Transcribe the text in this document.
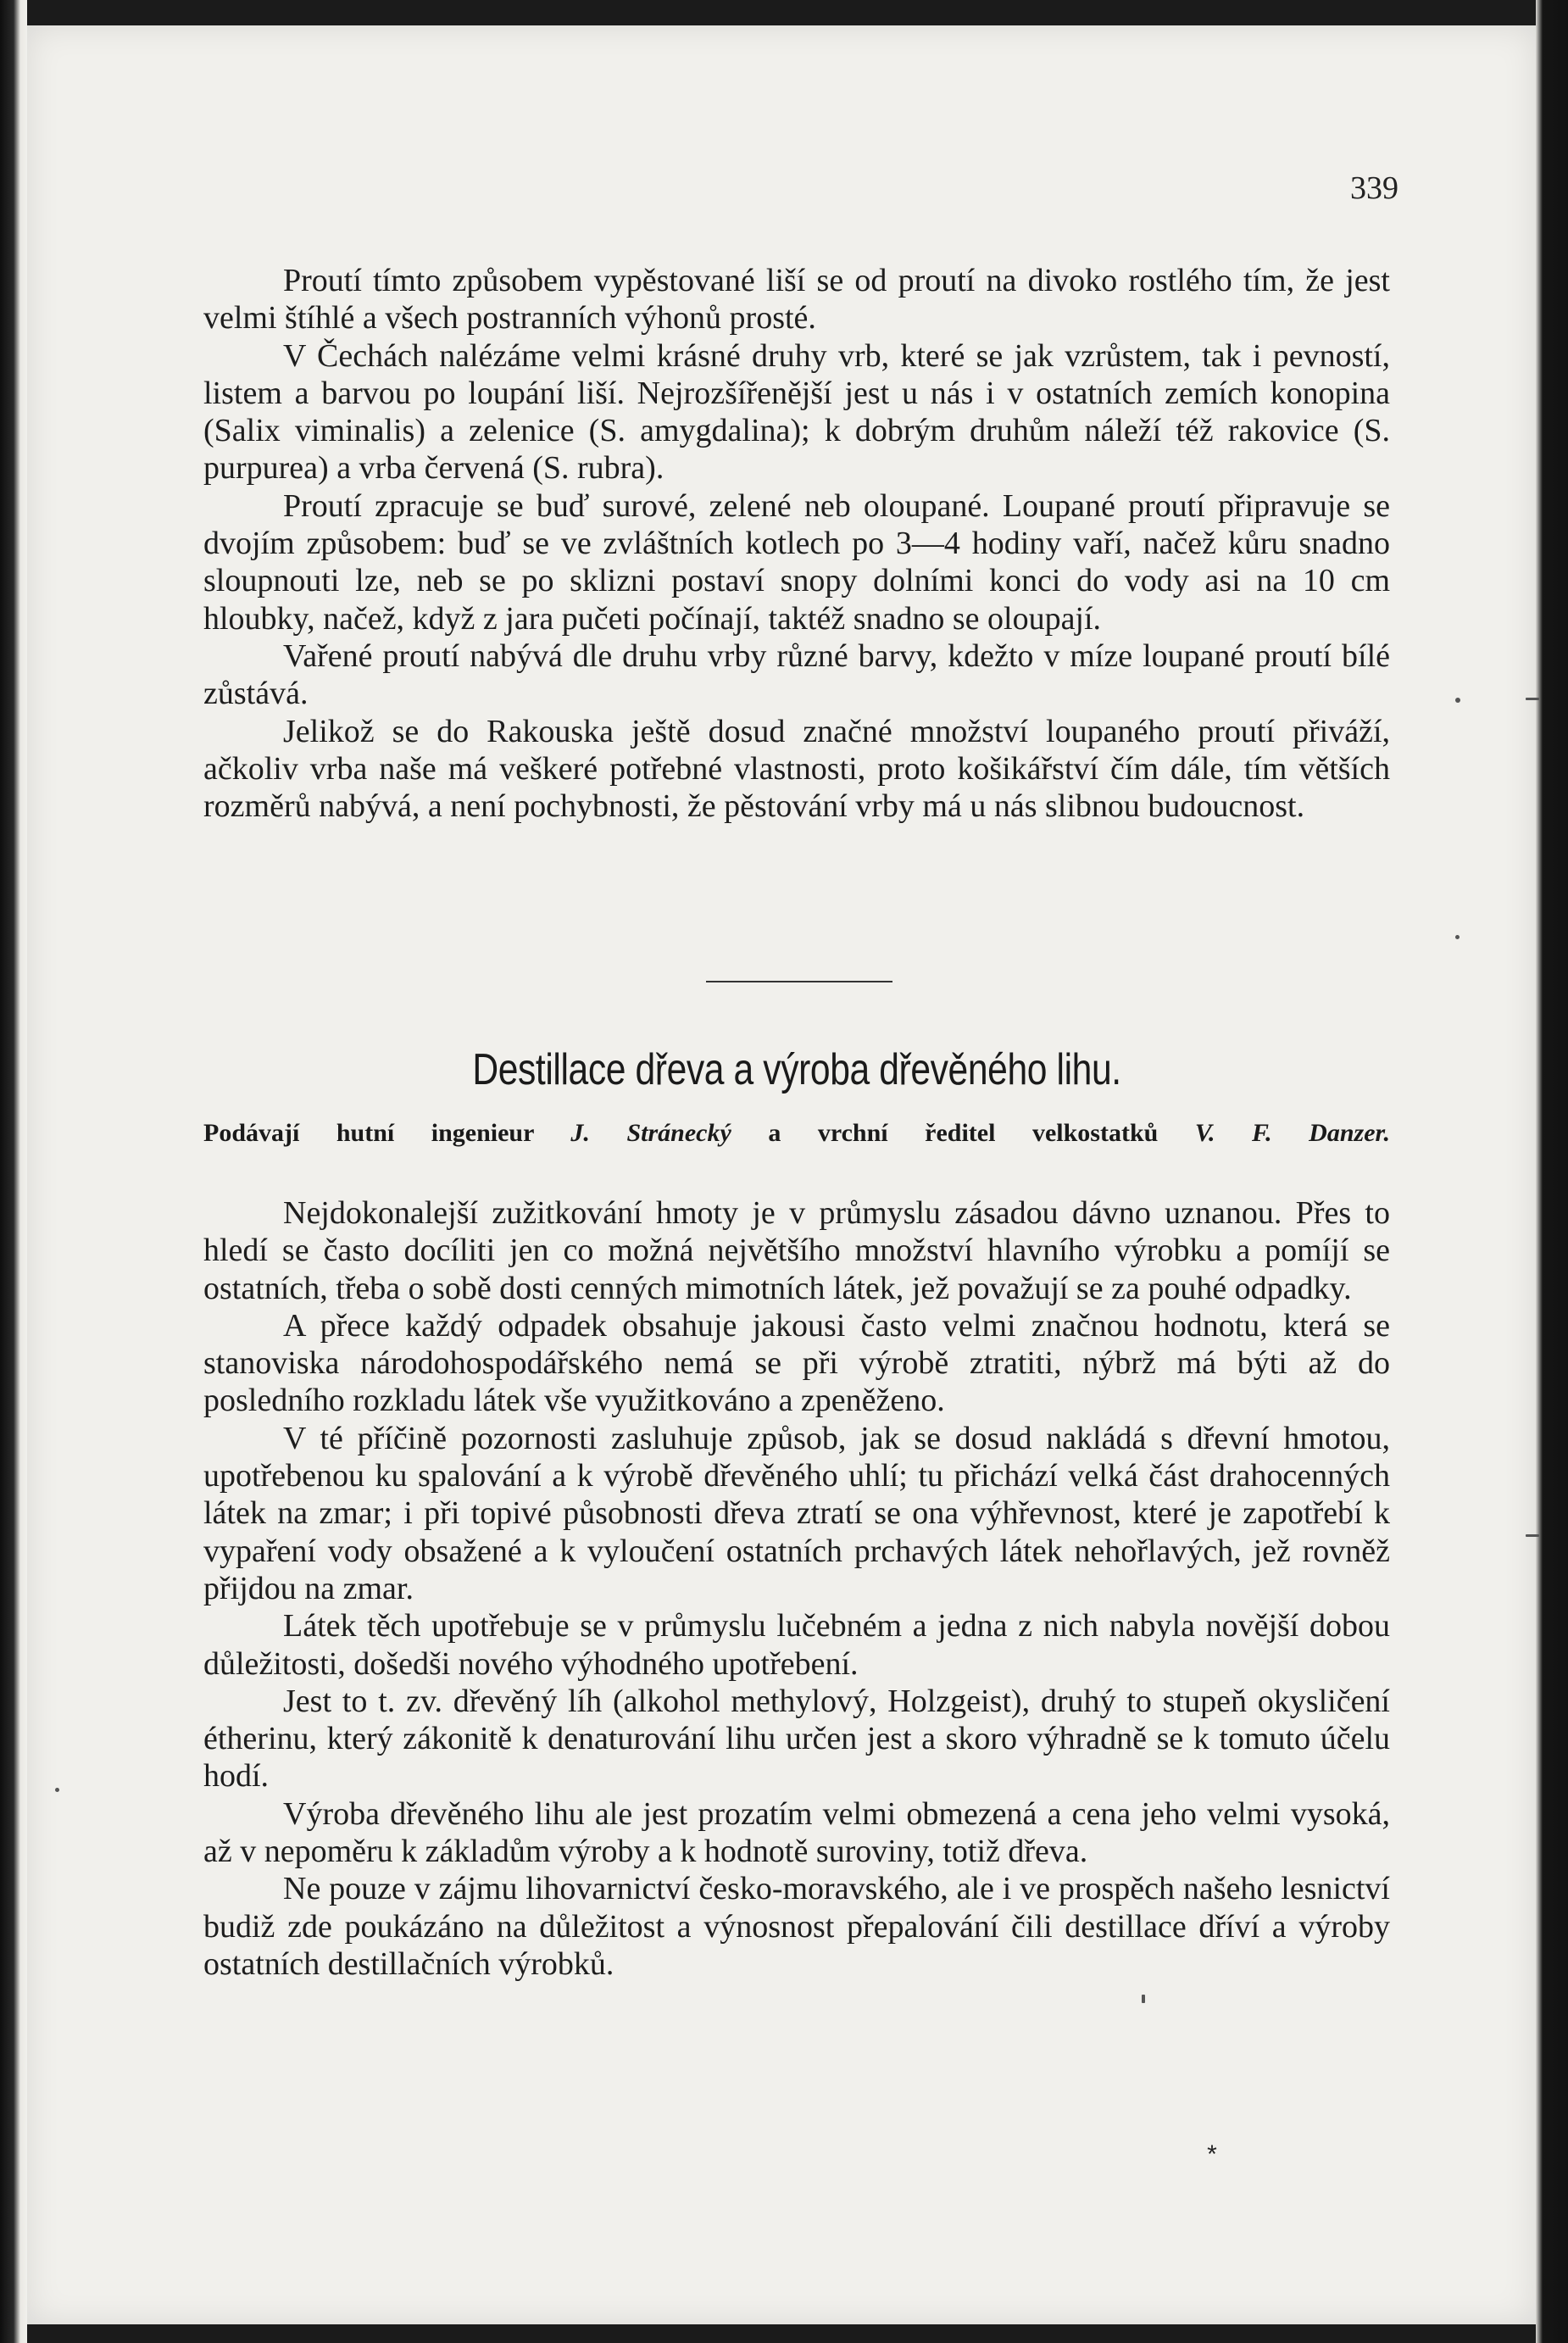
339

Proutí tímto způsobem vypěstované liší se od proutí na divoko rostlého tím, že jest velmi štíhlé a všech postranních výhonů prosté.

V Čechách nalézáme velmi krásné druhy vrb, které se jak vzrůstem, tak i pevností, listem a barvou po loupání liší. Nejrozšířenější jest u nás i v ostatních zemích konopina (Salix viminalis) a zelenice (S. amygdalina); k dobrým druhům náleží též rakovice (S. purpurea) a vrba červená (S. rubra).

Proutí zpracuje se buď surové, zelené neb oloupané. Loupané proutí připravuje se dvojím způsobem: buď se ve zvláštních kotlech po 3—4 hodiny vaří, načež kůru snadno sloupnouti lze, neb se po sklizni postaví snopy dolními konci do vody asi na 10 cm hloubky, načež, když z jara pučeti počínají, taktéž snadno se oloupají.

Vařené proutí nabývá dle druhu vrby různé barvy, kdežto v míze loupané proutí bílé zůstává.

Jelikož se do Rakouska ještě dosud značné množství loupaného proutí přiváží, ačkoliv vrba naše má veškeré potřebné vlastnosti, proto košikářství čím dále, tím větších rozměrů nabývá, a není pochybnosti, že pěstování vrby má u nás slibnou budoucnost.

Destillace dřeva a výroba dřevěného lihu.
Podávají hutní ingenieur J. Stránecký a vrchní ředitel velkostatků V. F. Danzer.

Nejdokonalejší zužitkování hmoty je v průmyslu zásadou dávno uznanou. Přes to hledí se často docíliti jen co možná největšího množství hlavního výrobku a pomíjí se ostatních, třeba o sobě dosti cenných mimotních látek, jež považují se za pouhé odpadky.

A přece každý odpadek obsahuje jakousi často velmi značnou hodnotu, která se stanoviska národohospodářského nemá se při výrobě ztratiti, nýbrž má býti až do posledního rozkladu látek vše využitkováno a zpeněženo.

V té příčině pozornosti zasluhuje způsob, jak se dosud nakládá s dřevní hmotou, upotřebenou ku spalování a k výrobě dřevěného uhlí; tu přichází velká část drahocenných látek na zmar; i při topivé působnosti dřeva ztratí se ona výhřevnost, které je zapotřebí k vypaření vody obsažené a k vyloučení ostatních prchavých látek nehořlavých, jež rovněž přijdou na zmar.

Látek těch upotřebuje se v průmyslu lučebném a jedna z nich nabyla novější dobou důležitosti, došedši nového výhodného upotřebení.

Jest to t. zv. dřevěný líh (alkohol methylový, Holzgeist), druhý to stupeň okysličení étherinu, který zákonitě k denaturování lihu určen jest a skoro výhradně se k tomuto účelu hodí.

Výroba dřevěného lihu ale jest prozatím velmi obmezená a cena jeho velmi vysoká, až v nepoměru k základům výroby a k hodnotě suroviny, totiž dřeva.

Ne pouze v zájmu lihovarnictví česko-moravského, ale i ve prospěch našeho lesnictví budiž zde poukázáno na důležitost a výnosnost přepalování čili destillace dříví a výroby ostatních destillačních výrobků.

*
